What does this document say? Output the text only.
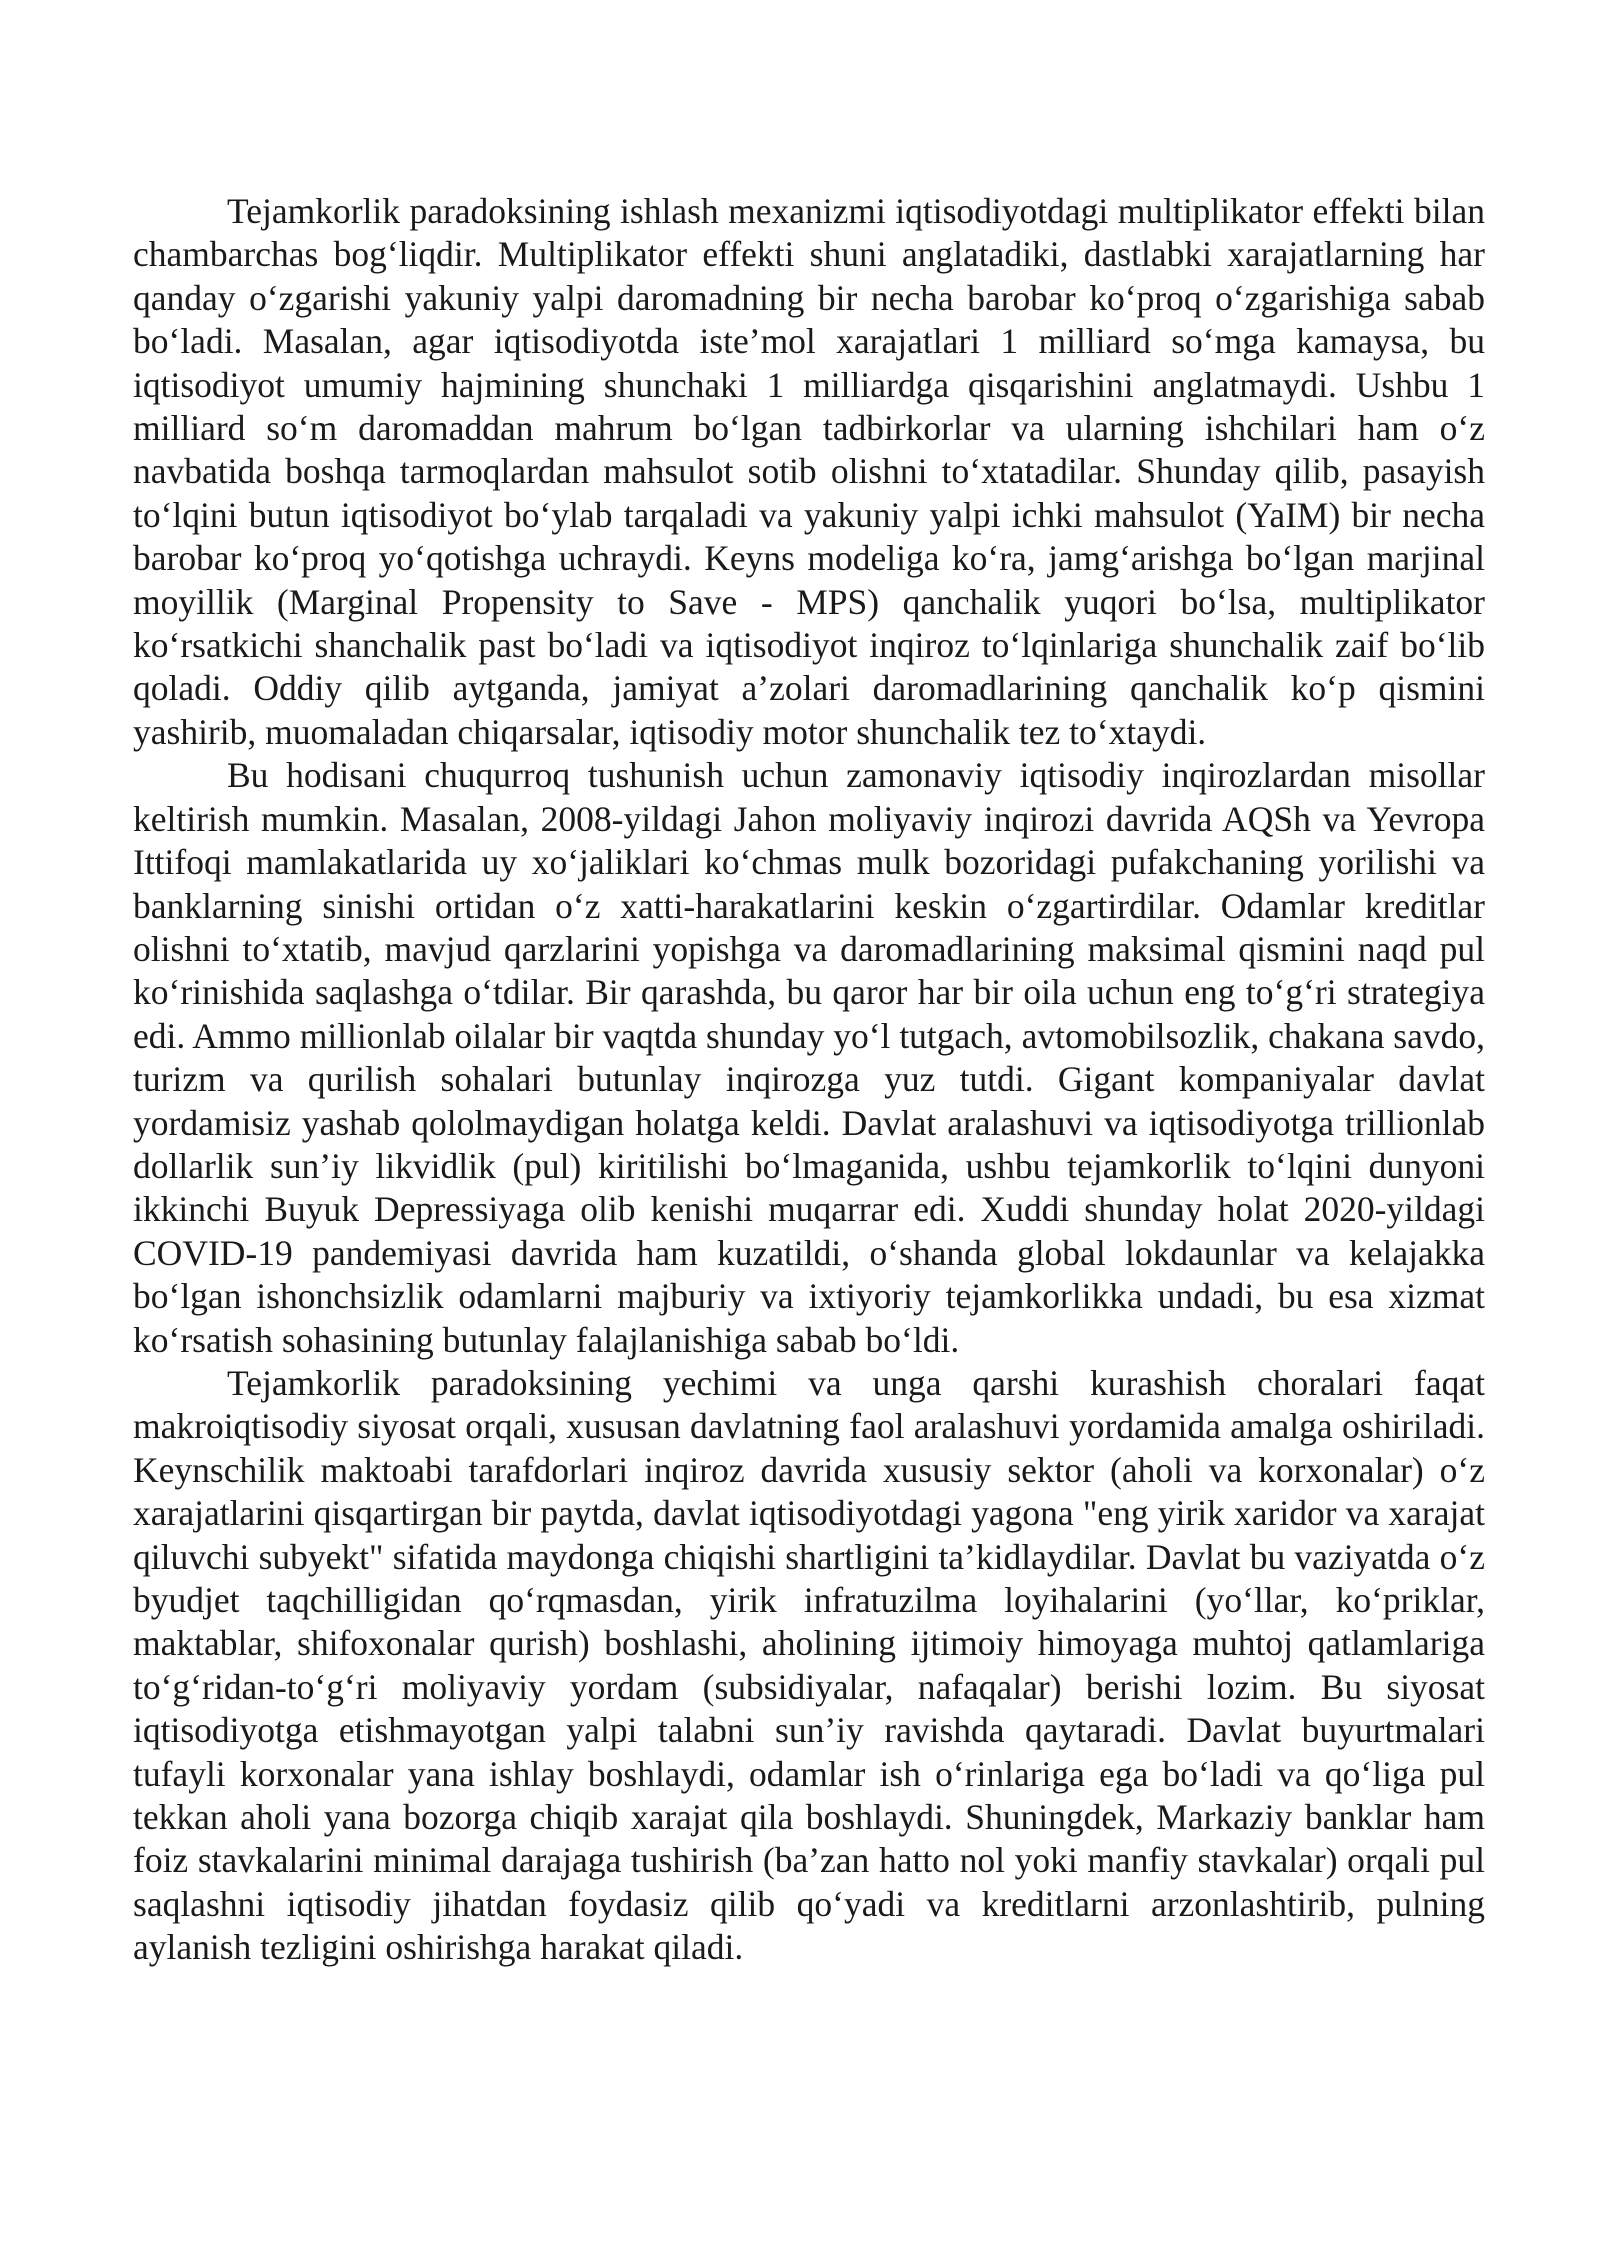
Tejamkorlik paradoksining ishlash mexanizmi iqtisodiyotdagi multiplikator effekti bilan chambarchas bog‘liqdir. Multiplikator effekti shuni anglatadiki, dastlabki xarajatlarning har qanday o‘zgarishi yakuniy yalpi daromadning bir necha barobar ko‘proq o‘zgarishiga sabab bo‘ladi. Masalan, agar iqtisodiyotda iste’mol xarajatlari 1 milliard so‘mga kamaysa, bu iqtisodiyot umumiy hajmining shunchaki 1 milliardga qisqarishini anglatmaydi. Ushbu 1 milliard so‘m daromaddan mahrum bo‘lgan tadbirkorlar va ularning ishchilari ham o‘z navbatida boshqa tarmoqlardan mahsulot sotib olishni to‘xtatadilar. Shunday qilib, pasayish to‘lqini butun iqtisodiyot bo‘ylab tarqaladi va yakuniy yalpi ichki mahsulot (YaIM) bir necha barobar ko‘proq yo‘qotishga uchraydi. Keyns modeliga ko‘ra, jamg‘arishga bo‘lgan marjinal moyillik (Marginal Propensity to Save - MPS) qanchalik yuqori bo‘lsa, multiplikator ko‘rsatkichi shanchalik past bo‘ladi va iqtisodiyot inqiroz to‘lqinlariga shunchalik zaif bo‘lib qoladi. Oddiy qilib aytganda, jamiyat a’zolari daromadlarining qanchalik ko‘p qismini yashirib, muomaladan chiqarsalar, iqtisodiy motor shunchalik tez to‘xtaydi.

Bu hodisani chuqurroq tushunish uchun zamonaviy iqtisodiy inqirozlardan misollar keltirish mumkin. Masalan, 2008-yildagi Jahon moliyaviy inqirozi davrida AQSh va Yevropa Ittifoqi mamlakatlarida uy xo‘jaliklari ko‘chmas mulk bozoridagi pufakchaning yorilishi va banklarning sinishi ortidan o‘z xatti-harakatlarini keskin o‘zgartirdilar. Odamlar kreditlar olishni to‘xtatib, mavjud qarzlarini yopishga va daromadlarining maksimal qismini naqd pul ko‘rinishida saqlashga o‘tdilar. Bir qarashda, bu qaror har bir oila uchun eng to‘g‘ri strategiya edi. Ammo millionlab oilalar bir vaqtda shunday yo‘l tutgach, avtomobilsozlik, chakana savdo, turizm va qurilish sohalari butunlay inqirozga yuz tutdi. Gigant kompaniyalar davlat yordamisiz yashab qololmaydigan holatga keldi. Davlat aralashuvi va iqtisodiyotga trillionlab dollarlik sun’iy likvidlik (pul) kiritilishi bo‘lmaganida, ushbu tejamkorlik to‘lqini dunyoni ikkinchi Buyuk Depressiyaga olib kenishi muqarrar edi. Xuddi shunday holat 2020-yildagi COVID-19 pandemiyasi davrida ham kuzatildi, o‘shanda global lokdaunlar va kelajakka bo‘lgan ishonchsizlik odamlarni majburiy va ixtiyoriy tejamkorlikka undadi, bu esa xizmat ko‘rsatish sohasining butunlay falajlanishiga sabab bo‘ldi.

Tejamkorlik paradoksining yechimi va unga qarshi kurashish choralari faqat makroiqtisodiy siyosat orqali, xususan davlatning faol aralashuvi yordamida amalga oshiriladi. Keynschilik maktoabi tarafdorlari inqiroz davrida xususiy sektor (aholi va korxonalar) o‘z xarajatlarini qisqartirgan bir paytda, davlat iqtisodiyotdagi yagona "eng yirik xaridor va xarajat qiluvchi subyekt" sifatida maydonga chiqishi shartligini ta’kidlaydilar. Davlat bu vaziyatda o‘z byudjet taqchilligidan qo‘rqmasdan, yirik infratuzilma loyihalarini (yo‘llar, ko‘priklar, maktablar, shifoxonalar qurish) boshlashi, aholining ijtimoiy himoyaga muhtoj qatlamlariga to‘g‘ridan-to‘g‘ri moliyaviy yordam (subsidiyalar, nafaqalar) berishi lozim. Bu siyosat iqtisodiyotga etishmayotgan yalpi talabni sun’iy ravishda qaytaradi. Davlat buyurtmalari tufayli korxonalar yana ishlay boshlaydi, odamlar ish o‘rinlariga ega bo‘ladi va qo‘liga pul tekkan aholi yana bozorga chiqib xarajat qila boshlaydi. Shuningdek, Markaziy banklar ham foiz stavkalarini minimal darajaga tushirish (ba’zan hatto nol yoki manfiy stavkalar) orqali pul saqlashni iqtisodiy jihatdan foydasiz qilib qo‘yadi va kreditlarni arzonlashtirib, pulning aylanish tezligini oshirishga harakat qiladi.
